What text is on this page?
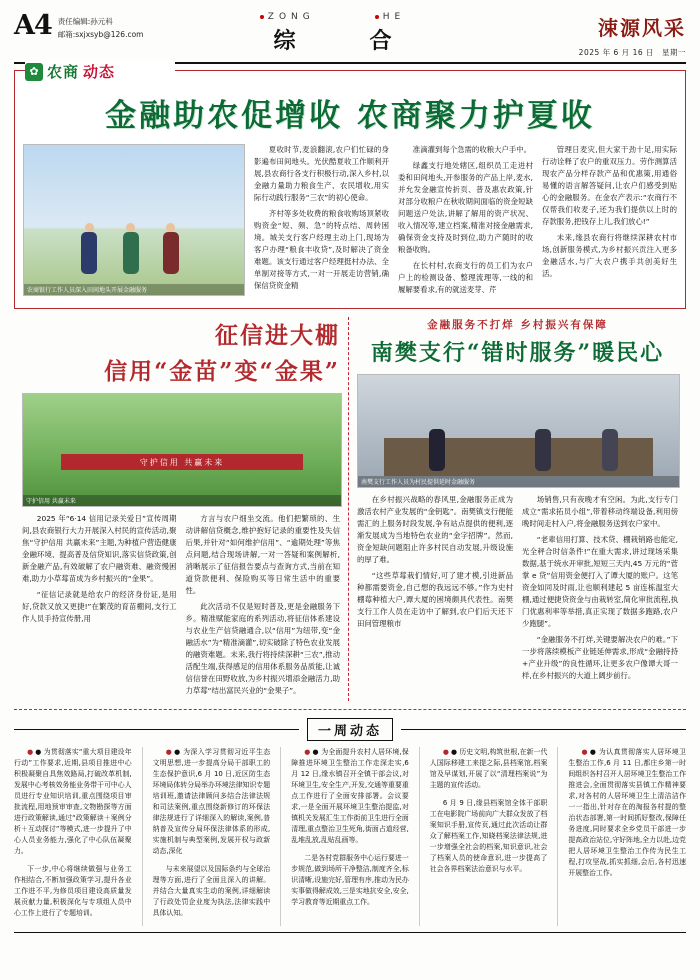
A4 责任编辑:孙元科
邮箱:sxjxsyb@126.com
ZONG	HE
综　合	涑源风采
2025 年 6 月 16 日　星期一
✿ 农商 动态
金融助农促增收 农商聚力护夏收
农商银行工作人员深入田间地头开展金融服务

夏收时节,麦浪翻滚,农户们忙碌的身影遍布田间地头。光伏酷夏收工作顺利开展,县农商行各支行积极行动,深入乡村,以金融力量助力粮食生产、农民增收,用实际行动践行服务“三农”的初心使命。

齐村等多处收费的粮食收购场顶紧收购资金“短、频、急”的特点结、周转困境。城关支行客户经理主动上门,现场为客户办理“粮食丰收贷”,及时解决了资金难题。该支行通过客户经理挺村办法、全单制对接等方式,一对一开展走访营销,确保信贷资金精

准滴灌到每个急需的收粮大户手中。

绿鑫支行地处辖区,组织员工走进村委和田间地头,开参服务的产品上岸,麦水,并允发金融宣传折页、普及惠农政策,针对部分收粮户在秋收期间面临的资金短缺问题送户处法,讲解了解用的资产状况、收入情况等,建立档案,精准对接金融需求,确保资金支持及时到位,助力产随时的收粮备收购。

在长村村,农商支行的员工们为农户户上的检测设备、整理流理等,一线的和履解要看求,有的就送麦芽、芹

管理日麦灾,但大家干劲十足,用实际行动诠释了农户的重双压力。劳作测算活现农产品分样存款产品和优惠策,用通俗易懂的语言解答疑问,让农户们感受到贴心的金融服务。在金农产表示:“农商行不仅帮我们收麦子,还为我们提供以上时的存款服务,把钱存上儿,我们放心!”

未来,缘县农商行将继续深耕农村市场,创新服务模式,为乡村振兴贡注入更多金融活水,与广大农户携手共创美好生活。

征信进大棚
信用“金苗”变“金果”
守护信用 共赢未来
守护信用 共赢未来

2025 年“6·14 信用记录关爱日”宣传周期间,县农商银行大力开展深入村民的宣传活动,聚焦“守护信用 共赢未来”主题,为种植户营造健康金融环境、提高普及信贷知识,落实信贷政策,创新金融产品,有效破解了农户融资难、融资慢困难,助力小草莓苗成为乡村振兴的“金果”。

“征信记录就是给农户的经济身份证,是用好,贷款又放又更捷!”在繁茂的育苗棚间,支行工作人员手持宣传册,用

方言与农户细坐交流。他们把繁琐的、生动讲解信贷概念,维护抱好记录的重要性及失信后果,并针对“如何维护信用”、“逾期处理”等焦点问题,结合现场讲解,一对一答疑和案例解析,消晰展示了征信报告要点与查询方式,当前在知道贷款便利、保险购买等日常生活中的重要性。

此次活动不仅是短时普及,更是金融服务下乡。精准赋能家庭的系列活动,将征信体系建设与农业生产信贷融通合,以“信用”为纽带,变“金融活水”为“精准滴灌”,切实破除了特色农业发展的融资难题。未来,我行将持续深耕“三农”,推动活配生端,获得感足的信用体系服务品质能,让诚信信誉在田野收放,为乡村振兴增添金融活力,助力草莓“结出富民兴业的“金果子”。

金融服务不打烊 乡村振兴有保障
南樊支行“错时服务”暖民心
南樊支行工作人员为村民提供延时金融服务

在乡村振兴战略的春风里,金融服务正成为激活农村产业发展的“金钥匙”。南樊镇支行便能需汇的上服务时段发展,争有站点提供的便利,逐渐发展成为当地特色农业的“金字招牌”。然而,资金短缺问题阻止许多村民自动发展,升级设施的厚了难。

“这些草莓栽们情好,可了建才模,引进新品种都需要资金,自己想的我远远不够。”作为史村棚莓种植大户,谭大厦的困境颇具代表性。南樊支行工作人员在走访中了解到,农户们后天还下田问管理粮市

场销售,只有夜晚才有空闲。为此,支行专门成立“需求拓员小组”,带着移动终端设备,利用傍晚时间走村入户,将金融服务送到农户家中。

“老辈信用打算、技术贷、棚栽销路也能定,光全秤合时信条件!”在重大需求,讲过现场采集数据,基于统水开审批,短短三天内,45 万元的“菅掌 e 贷”信用资金便打入了谭大厦的账户。这笔资金如同及时雨,让也顺利建起 5 亩连栋温室大棚,通过便捷贷资金与由栽转室,简化审批流程,执门优惠利率等举措,真正实现了数据多跑路,农户少跑腿”。

“金融服务不打烊,关键要解决农户的难。”下一步将落续模板产业链延伸需求,形成“金融持持+产业升级”的良性循环,让更多农户像谭大哥一样,在乡村振兴的大道上阔步前行。

一周动态

● ● 为贯彻落实“重大项目建设年行动”工作要求,近期,县项目推进中心积极凝聚自具焦效路局,打破改革机制,发展中心考核效务能业务带干可中心人员进行专业知识培训,重点围绕项目审批流程,用地预审审查,文物勘探等方面进行政策解读,通过“政策解读＋案例分析＋互动探讨”等模式,进一步提升了中心人员业务能力,强化了中心队伍凝聚力。

下一步,中心将继续做强与业务工作相结合,不断加强政策学习,提升各业工作进不平,为修员项目建设高质量发展贡献力量,积极深化与专项组人员中心工作上进行了专题培训。

● ● 为深入学习贯彻习近平生态文明思想,进一步提高分局干部职工的生态保护意识,6 月 10 日,近区防生态环境局体转分局举办环境法律知识专题培训班,邀请法律顾问多结合法律法规和司法案例,重点围绕新修订的环保法律法规进行了详细深入的解读,案例,普纳普及宣传分局环保法律体系的形成,实施机制与典型案例,发展开权与政新动态,深化

与未来展望以及国际条约与全球治理等方面,进行了全面且深入的讲解。并结合大量真实生动的案例,详细解读了行政处罚企业度为执法,法律实践中具体认知。

● ● 为全面提升农村人居环境,保障推进环境卫生整治工作走深走实,6 月 12 日,缘水镇召开全镇干部会议,对环境卫生,安全生产,开发,交通等重要重点工作进行了全面安排部署。会议要求,一是全面开展环境卫生整治提监,对镇机关发展汇生工作街前卫生进行全面清理,重点整治卫生死角,街面占道经营,乱堆乱放,乱贴乱画等。

二是各村党群服务中心运行要进一步规范,做到场所干净整洁,制度齐全,标识清晰,设施完好,管理有序,推动为民办实事做得解成效,三是实地抗安全,安全,学习教育等近期重点工作。

● ● 历史文明,构筑世根,在新一代人国际移建工来提之际,县档案馆,档案馆及早谋划,开展了以“清理档案说”为主题的宣传活动。

6 月 9 日,缘县档案馆全体干部职工在电影院广场前向广大群众发放了档案知识手册,宣传页,通过此次活动让群众了解档案工作,知晓档案法律法规,进一步增强全社会的档案,知识意识,社会了档案人员的使命意识,进一步提高了社会各界档案法治意识与水平。

● ● 为认真贯彻落实人居环境卫生整治工作,6 月 11 日,都庄乡第一时间组织各村召开人居环境卫生整治工作推进会,全面贯彻落实县镇工作精神要求,对各村的人居环境卫生上清洁洁作一一指出,针对存在的淘报各村提的整治状态部署,第一时间抓好整改,保障任务进度,同时要求全乡党员干部进一步提高政治站位,守好阵地,全力以赴,边党把人居环境卫生整治工作传为民生工程,打攻坚战,抓实抓细,会后,各村迅速开展整治工作。
